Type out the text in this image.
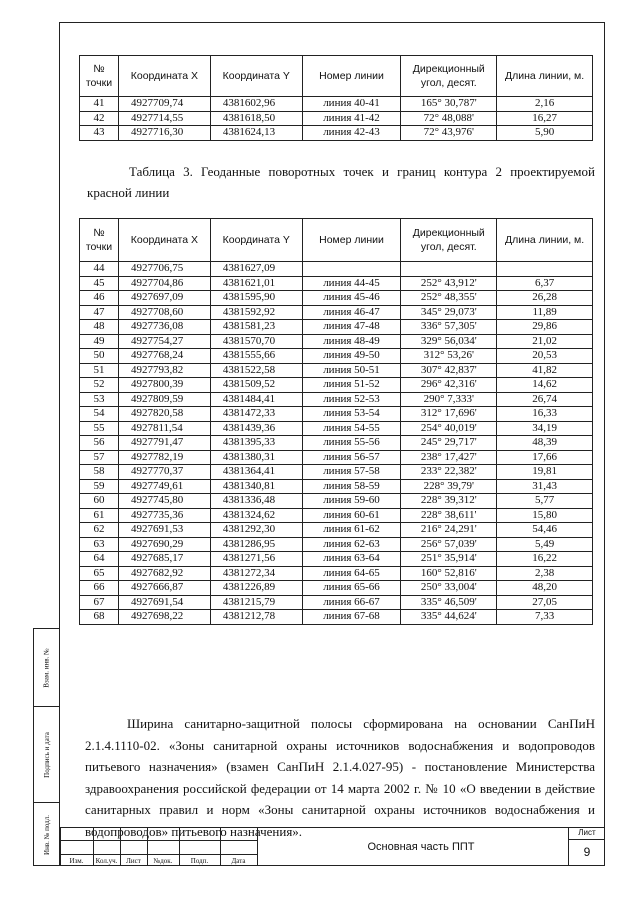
Взам. инв. №
Подпись и дата
Инв. № подл.
№ точки	Координата X	Координата Y	Номер линии	Дирекционный угол, десят.	Длина линии, м.
41	4927709,74	4381602,96	линия 40-41	165° 30,787'	2,16
42	4927714,55	4381618,50	линия 41-42	72° 48,088'	16,27
43	4927716,30	4381624,13	линия 42-43	72° 43,976'	5,90
Таблица 3. Геоданные поворотных точек и границ контура 2 проектируемой красной линии
№ точки	Координата X	Координата Y	Номер линии	Дирекционный угол, десят.	Длина линии, м.
44	4927706,75	4381627,09			
45	4927704,86	4381621,01	линия 44-45	252° 43,912'	6,37
46	4927697,09	4381595,90	линия 45-46	252° 48,355'	26,28
47	4927708,60	4381592,92	линия 46-47	345° 29,073'	11,89
48	4927736,08	4381581,23	линия 47-48	336° 57,305'	29,86
49	4927754,27	4381570,70	линия 48-49	329° 56,034'	21,02
50	4927768,24	4381555,66	линия 49-50	312° 53,26'	20,53
51	4927793,82	4381522,58	линия 50-51	307° 42,837'	41,82
52	4927800,39	4381509,52	линия 51-52	296° 42,316'	14,62
53	4927809,59	4381484,41	линия 52-53	290° 7,333'	26,74
54	4927820,58	4381472,33	линия 53-54	312° 17,696'	16,33
55	4927811,54	4381439,36	линия 54-55	254° 40,019'	34,19
56	4927791,47	4381395,33	линия 55-56	245° 29,717'	48,39
57	4927782,19	4381380,31	линия 56-57	238° 17,427'	17,66
58	4927770,37	4381364,41	линия 57-58	233° 22,382'	19,81
59	4927749,61	4381340,81	линия 58-59	228° 39,79'	31,43
60	4927745,80	4381336,48	линия 59-60	228° 39,312'	5,77
61	4927735,36	4381324,62	линия 60-61	228° 38,611'	15,80
62	4927691,53	4381292,30	линия 61-62	216° 24,291'	54,46
63	4927690,29	4381286,95	линия 62-63	256° 57,039'	5,49
64	4927685,17	4381271,56	линия 63-64	251° 35,914'	16,22
65	4927682,92	4381272,34	линия 64-65	160° 52,816'	2,38
66	4927666,87	4381226,89	линия 65-66	250° 33,004'	48,20
67	4927691,54	4381215,79	линия 66-67	335° 46,509'	27,05
68	4927698,22	4381212,78	линия 67-68	335° 44,624'	7,33
Ширина санитарно-защитной полосы сформирована на основании СанПиН 2.1.4.1110-02. «Зоны санитарной охраны источников водоснабжения и водопроводов питьевого назначения» (взамен СанПиН 2.1.4.027-95) - постановление Министерства здравоохранения российской федерации от 14 марта 2002 г. № 10 «О введении в действие санитарных правил и норм «Зоны санитарной охраны источников водоснабжения и водопроводов» питьевого назначения».
Изм.	Кол.уч.	Лист	№док.	Подп.	Дата
Основная часть ППТ
Лист
9
